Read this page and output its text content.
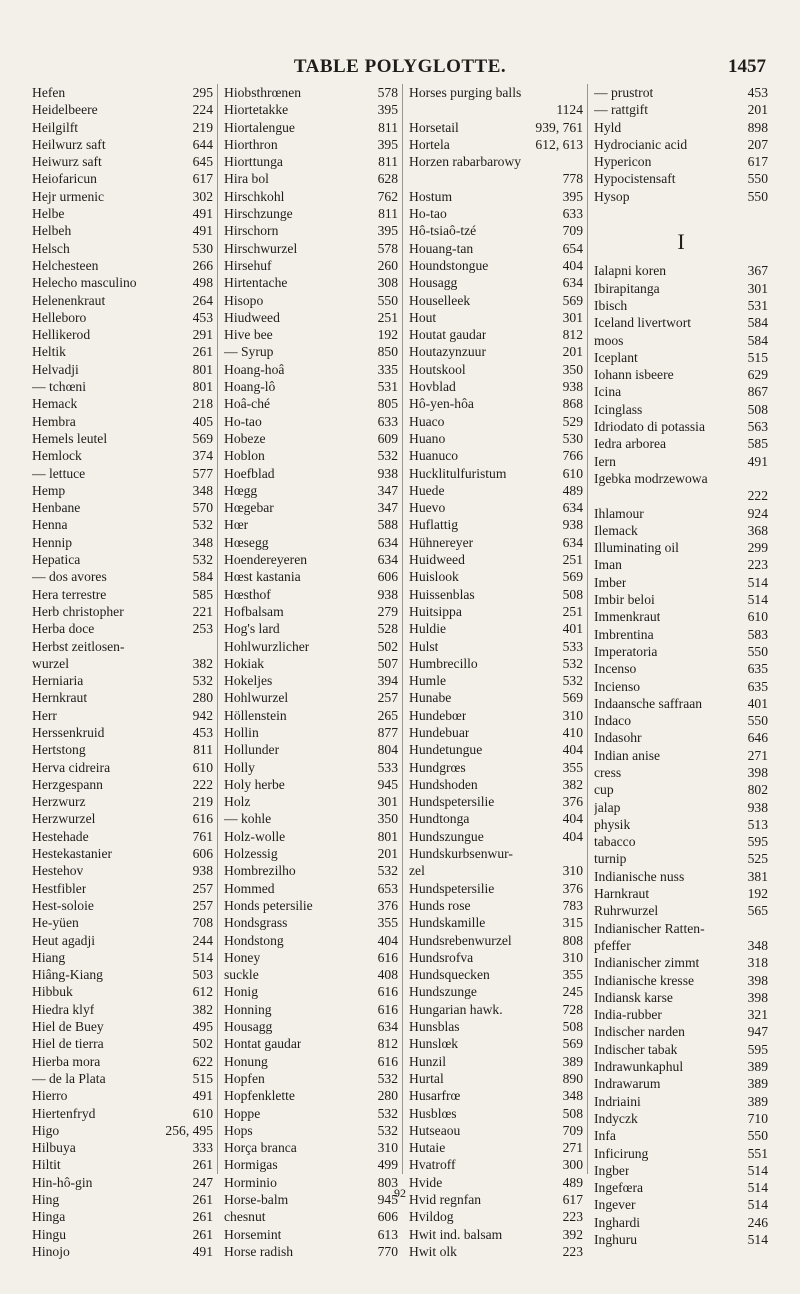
TABLE POLYGLOTTE.	1457
Hefen	295
Heidelbeere	224
Heilgilft	219
Heilwurz saft	644
Heiwurz saft	645
Heiofaricun	617
Hejr urmenic	302
Helbe	491
Helbeh	491
Helsch	530
Helchesteen	266
Helecho masculino	498
Helenenkraut	264
Helleboro	453
Hellikerod	291
Heltik	261
Helvadji	801
— tchœni	801
Hemack	218
Hembra	405
Hemels leutel	569
Hemlock	374
— lettuce	577
Hemp	348
Henbane	570
Henna	532
Hennip	348
Hepatica	532
— dos avores	584
Hera terrestre	585
Herb christopher	221
Herba doce	253
Herbst zeitlosen-
wurzel	382
Herniaria	532
Hernkraut	280
Herr	942
Herssenkruid	453
Hertstong	811
Herva cidreira	610
Herzgespann	222
Herzwurz	219
Herzwurzel	616
Hestehade	761
Hestekastanier	606
Hestehov	938
Hestfibler	257
Hest-soloie	257
He-yüen	708
Heut agadji	244
Hiang	514
Hiâng-Kiang	503
Hibbuk	612
Hiedra klyf	382
Hiel de Buey	495
Hiel de tierra	502
Hierba mora	622
— de la Plata	515
Hierro	491
Hiertenfryd	610
Higo	256, 495
Hilbuya	333
Hiltit	261
Hin-hô-gin	247
Hing	261
Hinga	261
Hingu	261
Hinojo	491
Hiobsthrœnen	578
Hiortetakke	395
Hiortalengue	811
Hiorthron	395
Hiorttunga	811
Hira bol	628
Hirschkohl	762
Hirschzunge	811
Hirschorn	395
Hirschwurzel	578
Hirsehuf	260
Hirtentache	308
Hisopo	550
Hiudweed	251
Hive bee	192
— Syrup	850
Hoang-hoâ	335
Hoang-lô	531
Hoâ-ché	805
Ho-tao	633
Hobeze	609
Hoblon	532
Hoefblad	938
Hœgg	347
Hœgebar	347
Hœr	588
Hœsegg	634
Hoendereyeren	634
Hœst kastania	606
Hœsthof	938
Hofbalsam	279
Hog's lard	528
Hohlwurzlicher	502
Hokiak	507
Hokeljes	394
Hohlwurzel	257
Höllenstein	265
Hollin	877
Hollunder	804
Holly	533
Holy herbe	945
Holz	301
— kohle	350
Holz-wolle	801
Holzessig	201
Hombrezilho	532
Hommed	653
Honds petersilie	376
Hondsgrass	355
Hondstong	404
Honey	616
suckle	408
Honig	616
Honning	616
Housagg	634
Hontat gaudar	812
Honung	616
Hopfen	532
Hopfenklette	280
Hoppe	532
Hops	532
Horça branca	310
Hormigas	499
Horminio	803
Horse-balm	945
chesnut	606
Horsemint	613
Horse radish	770
Horses purging balls
1124
Horsetail	939, 761
Hortela	612, 613
Horzen rabarbarowy
778
Hostum	395
Ho-tao	633
Hô-tsiaô-tzé	709
Houang-tan	654
Houndstongue	404
Housagg	634
Houselleek	569
Hout	301
Houtat gaudar	812
Houtazynzuur	201
Houtskool	350
Hovblad	938
Hô-yen-hôa	868
Huaco	529
Huano	530
Huanuco	766
Hucklitulfuristum	610
Huede	489
Huevo	634
Huflattig	938
Hühnereyer	634
Huidweed	251
Huislook	569
Huissenblas	508
Huitsippa	251
Huldie	401
Hulst	533
Humbrecillo	532
Humle	532
Hunabe	569
Hundebœr	310
Hundebuar	410
Hundetungue	404
Hundgrœs	355
Hundshoden	382
Hundspetersilie	376
Hundtonga	404
Hundszungue	404
Hundskurbsenwur-
zel	310
Hundspetersilie	376
Hunds rose	783
Hundskamille	315
Hundsrebenwurzel	808
Hundsrofva	310
Hundsquecken	355
Hundszunge	245
Hungarian hawk.	728
Hunsblas	508
Hunslœk	569
Hunzil	389
Hurtal	890
Husarfrœ	348
Husblœs	508
Hutseaou	709
Hutaie	271
Hvatroff	300
Hvide	489
Hvid regnfan	617
Hvildog	223
Hwit ind. balsam	392
Hwit olk	223
— prustrot	453
— rattgift	201
Hyld	898
Hydrocianic acid	207
Hypericon	617
Hypocistensaft	550
Hysop	550
I
Ialapni koren	367
Ibirapitanga	301
Ibisch	531
Iceland livertwort	584
moos	584
Iceplant	515
Iohann isbeere	629
Icina	867
Icinglass	508
Idriodato di potassia	563
Iedra arborea	585
Iern	491
Igebka modrzewowa
222
Ihlamour	924
Ilemack	368
Illuminating oil	299
Iman	223
Imber	514
Imbir beloi	514
Immenkraut	610
Imbrentina	583
Imperatoria	550
Incenso	635
Incienso	635
Indaansche saffraan	401
Indaco	550
Indasohr	646
Indian anise	271
cress	398
cup	802
jalap	938
physik	513
tabacco	595
turnip	525
Indianische nuss	381
Harnkraut	192
Ruhrwurzel	565
Indianischer Ratten-
pfeffer	348
Indianischer zimmt	318
Indianische kresse	398
Indiansk karse	398
India-rubber	321
Indischer narden	947
Indischer tabak	595
Indrawunkaphul	389
Indrawarum	389
Indriaini	389
Indyczk	710
Infa	550
Inficirung	551
Ingber	514
Ingefœra	514
Ingever	514
Inghardi	246
Inghuru	514
92
